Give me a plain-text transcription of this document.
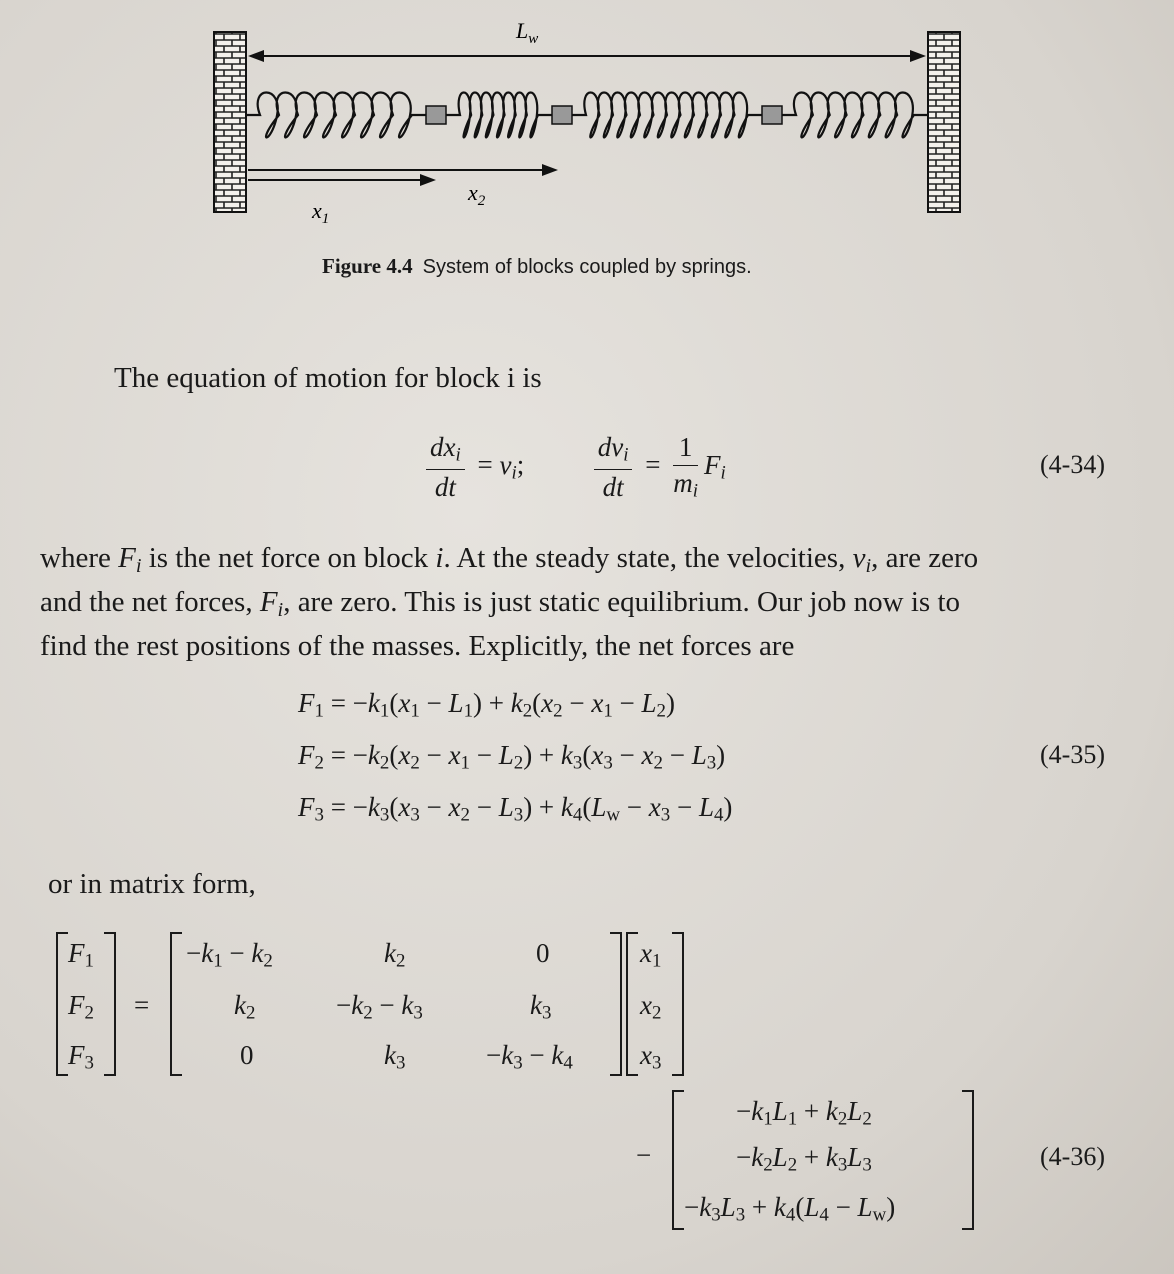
$L_w$
$x_1$
$x_2$
Figure 4.4 System of blocks coupled by springs.
The equation of motion for block i is
$\frac{dx_i}{dt} = v_i$; $\frac{dv_i}{dt} = \frac{1}{m_i} F_i$	(4-34)
where $F_i$ is the net force on block i. At the steady state, the velocities, $v_i$, are zero
and the net forces, $F_i$, are zero. This is just static equilibrium. Our job now is to
find the rest positions of the masses. Explicitly, the net forces are
$F_1 = -k_1(x_1 - L_1) + k_2(x_2 - x_1 - L_2)$
$F_2 = -k_2(x_2 - x_1 - L_2) + k_3(x_3 - x_2 - L_3)$
$F_3 = -k_3(x_3 - x_2 - L_3) + k_4(L_w - x_3 - L_4)$
(4-35)
or in matrix form,
$F_1$
$F_2$
$F_3$
=
$-k_1 - k_2$	$k_2$	0
$k_2$	$-k_2 - k_3$	$k_3$
0	$k_3$	$-k_3 - k_4$
$x_1$
$x_2$
$x_3$
−
$-k_1L_1 + k_2L_2$
$-k_2L_2 + k_3L_3$
$-k_3L_3 + k_4(L_4 - L_w)$
(4-36)
